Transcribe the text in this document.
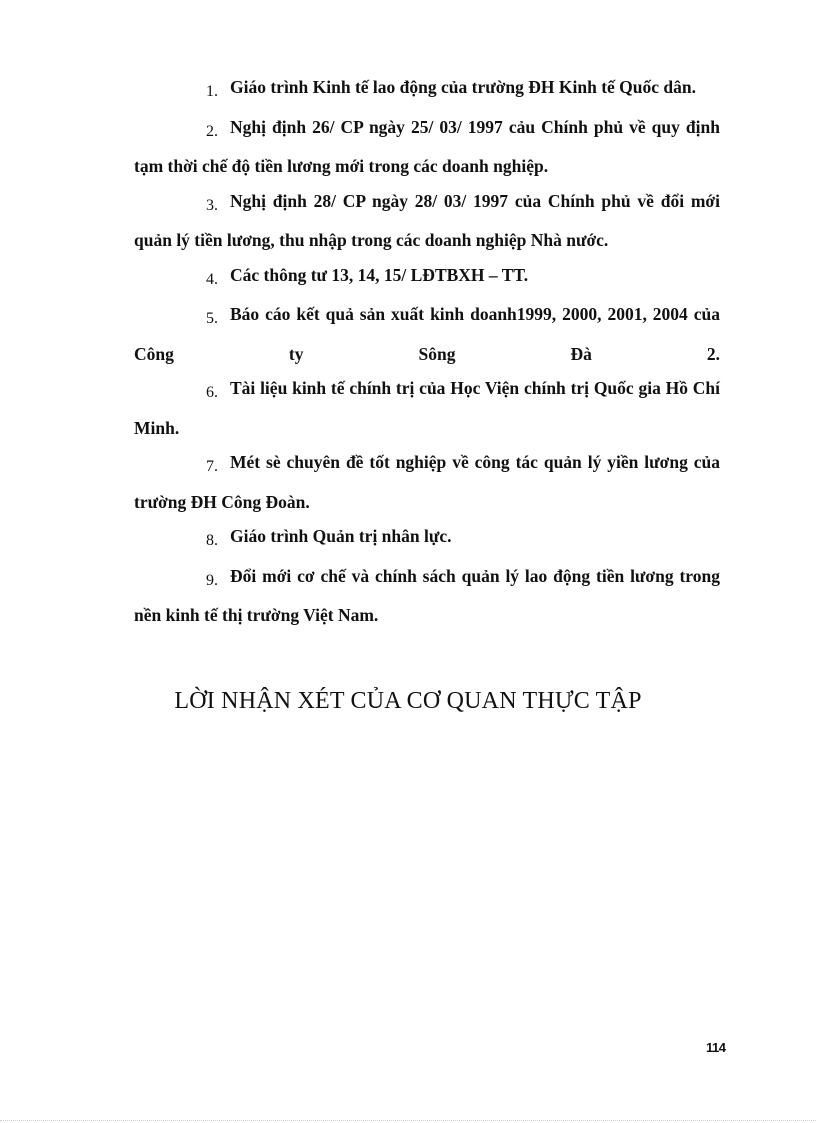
1. Giáo trình Kinh tế lao động của trường ĐH Kinh tế Quốc dân.
2. Nghị định 26/ CP ngày 25/ 03/ 1997 cảu Chính phủ về quy định tạm thời chế độ tiền lương mới trong các doanh nghiệp.
3. Nghị định 28/ CP ngày 28/ 03/ 1997 của Chính phủ về đổi mới quản lý tiền lương, thu nhập trong các doanh nghiệp Nhà nước.
4. Các thông tư 13, 14, 15/ LĐTBXH – TT.
5. Báo cáo kết quả sản xuất kinh doanh1999, 2000, 2001, 2004 của Công ty Sông Đà 2.
6. Tài liệu kinh tế chính trị của Học Viện chính trị Quốc gia Hồ Chí Minh.
7. Mét sè chuyên đề tốt nghiệp về công tác quản lý yiền lương của trường ĐH Công Đoàn.
8. Giáo trình Quản trị nhân lực.
9. Đổi mới cơ chế và chính sách quản lý lao động tiền lương trong nền kinh tế thị trường Việt Nam.
LỜI NHẬN XÉT CỦA CƠ QUAN THỰC TẬP
114
